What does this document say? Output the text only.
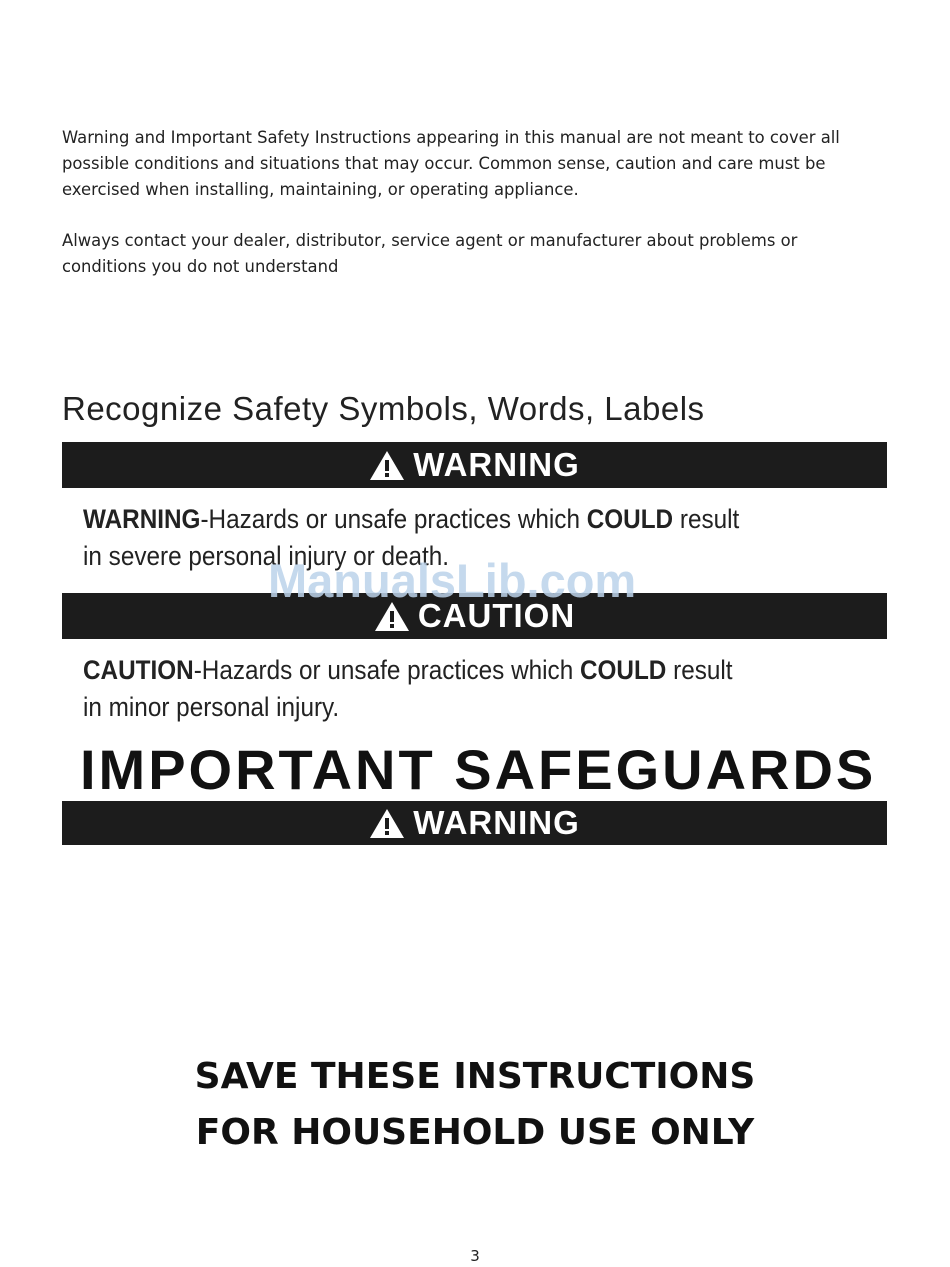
Warning and Important Safety Instructions appearing in this manual are not meant to cover all
possible conditions and situations that may occur. Common sense, caution and care must be
exercised when installing, maintaining, or operating appliance.
Always contact your dealer, distributor, service agent or manufacturer about problems or
conditions you do not understand
Recognize Safety Symbols, Words, Labels
WARNING
WARNING-Hazards or unsafe practices which COULD result
in severe personal injury or death.
CAUTION
CAUTION-Hazards or unsafe practices which COULD result
in minor personal injury.
ManualsLib.com
IMPORTANT SAFEGUARDS
WARNING
SAVE THESE INSTRUCTIONS
FOR HOUSEHOLD USE ONLY
3
